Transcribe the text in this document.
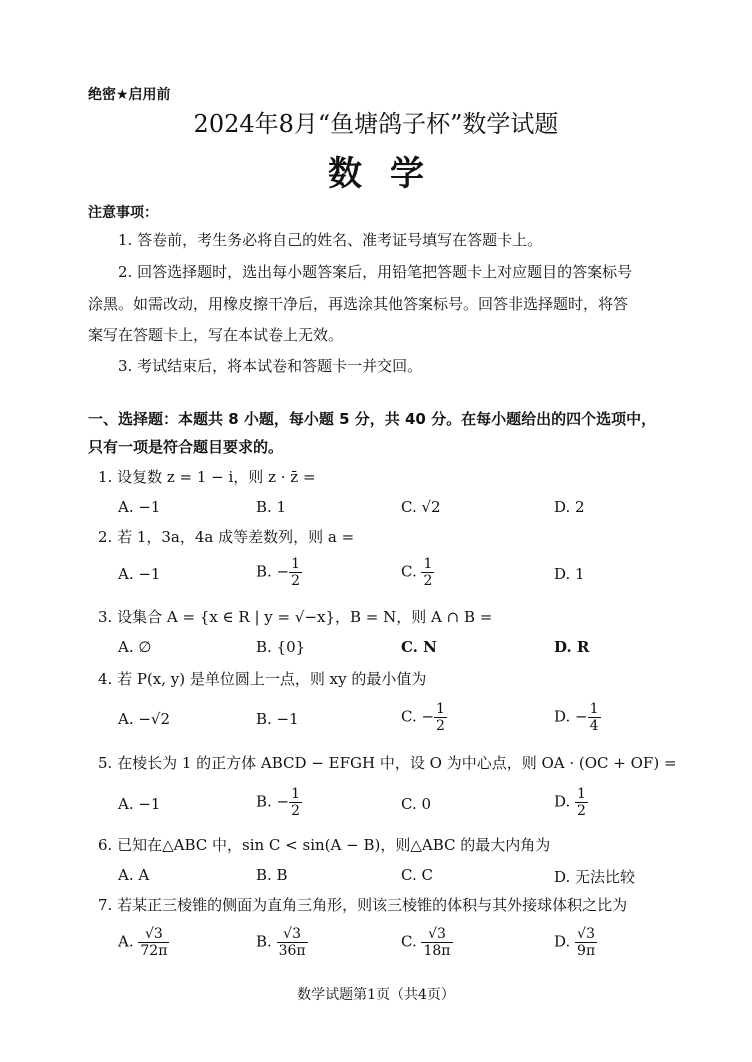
绝密★启用前
2024年8月“鱼塘鸽子杯”数学试题
数学
注意事项：
1. 答卷前，考生务必将自己的姓名、准考证号填写在答题卡上。
2. 回答选择题时，选出每小题答案后，用铅笔把答题卡上对应题目的答案标号
涂黑。如需改动，用橡皮擦干净后，再选涂其他答案标号。回答非选择题时，将答
案写在答题卡上，写在本试卷上无效。
3. 考试结束后，将本试卷和答题卡一并交回。
一、选择题：本题共 8 小题，每小题 5 分，共 40 分。在每小题给出的四个选项中，
只有一项是符合题目要求的。
1. 设复数 z = 1 − i，则 z · z̄ =
A. −1	B. 1	C. √2	D. 2
2. 若 1，3a，4a 成等差数列，则 a =
A. −1	B. − $\frac{1}{2}$	C. $\frac{1}{2}$	D. 1
3. 设集合 A = {x ∈ R | y = √−x}，B = N，则 A ∩ B =
A. ∅	B. {0}	C. N	D. R
4. 若 P(x, y) 是单位圆上一点，则 xy 的最小值为
A. −√2	B. −1	C. − $\frac{1}{2}$	D. − $\frac{1}{4}$
5. 在棱长为 1 的正方体 ABCD − EFGH 中，设 O 为中心点，则 OA · (OC + OF) =
A. −1	B. − $\frac{1}{2}$	C. 0	D. $\frac{1}{2}$
6. 已知在△ABC 中，sin C < sin(A − B)，则△ABC 的最大内角为
A. A	B. B	C. C	D. 无法比较
7. 若某正三棱锥的侧面为直角三角形，则该三棱锥的体积与其外接球体积之比为
A. $\frac{√3}{72\pi}$	B. $\frac{√3}{36\pi}$	C. $\frac{√3}{18\pi}$	D. $\frac{√3}{9\pi}$
数学试题第1页（共4页）
